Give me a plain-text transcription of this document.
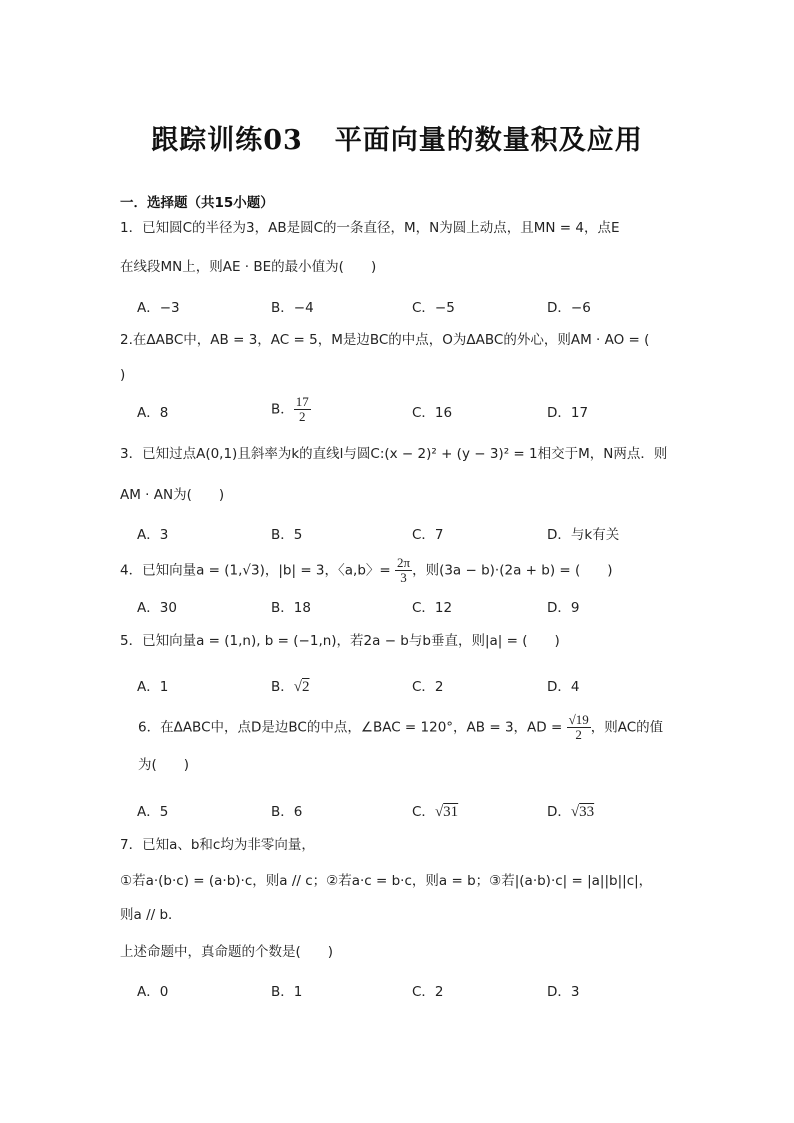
跟踪训练03 平面向量的数量积及应用
一．选择题（共15小题）
1．已知圆C的半径为3，AB是圆C的一条直径，M，N为圆上动点，且MN = 4，点E
在线段MN上，则AE · BE的最小值为(　　)
A．−3	B．−4	C．−5	D．−6
2.在ΔABC中，AB = 3，AC = 5，M是边BC的中点，O为ΔABC的外心，则AM · AO = (
)
A．8	B． $\frac{17}{2}$	C．16	D．17
3．已知过点A(0,1)且斜率为k的直线l与圆C:(x − 2)² + (y − 3)² = 1相交于M，N两点．则
AM · AN为(　　)
A．3	B．5	C．7	D．与k有关
4．已知向量a = (1,√3)，|b| = 3，〈a,b〉= $\frac{2\pi}{3}$ ，则(3a − b)·(2a + b) = (　　)
A．30	B．18	C．12	D．9
5．已知向量a = (1,n), b = (−1,n)，若2a − b与b垂直，则|a| = (　　)
A．1	B．√2	C．2	D．4
6．在ΔABC中，点D是边BC的中点，∠BAC = 120°，AB = 3，AD = $\frac{√19}{2}$ ，则AC的值
为(　　)
A．5	B．6	C．√31	D．√33
7．已知a、b和c均为非零向量，
①若a·(b·c) = (a·b)·c，则a // c；②若a·c = b·c，则a = b；③若|(a·b)·c| = |a||b||c|，
则a // b．
上述命题中，真命题的个数是(　　)
A．0	B．1	C．2	D．3
